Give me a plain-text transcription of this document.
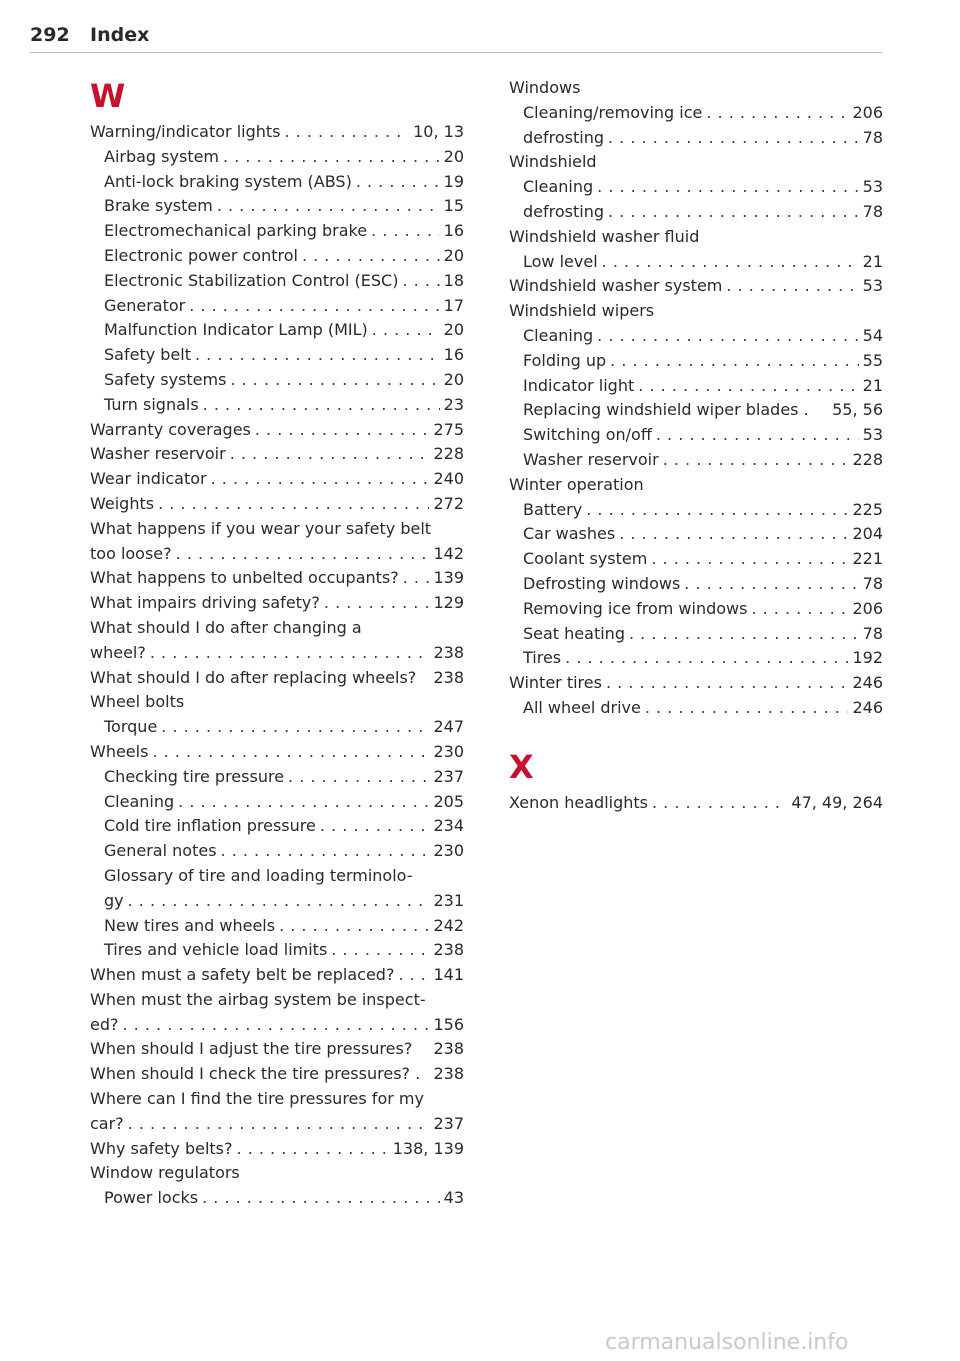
292 Index
W
Warning/indicator lights . . .	10, 13
Airbag system . . .	20
Anti-lock braking system (ABS) . . .	19
Brake system . . .	15
Electromechanical parking brake . . .	16
Electronic power control . . .	20
Electronic Stabilization Control (ESC) . . .	18
Generator . . .	17
Malfunction Indicator Lamp (MIL) . . .	20
Safety belt . . .	16
Safety systems . . .	20
Turn signals . . .	23
Warranty coverages . . .	275
Washer reservoir . . .	228
Wear indicator . . .	240
Weights . . .	272
What happens if you wear your safety belt
too loose? . . .	142
What happens to unbelted occupants? . . . 139
What impairs driving safety? . . .	129
What should I do after changing a
wheel? . . .	238
What should I do after replacing wheels? 238
Wheel bolts
Torque . . .	247
Wheels . . .	230
Checking tire pressure . . .	237
Cleaning . . .	205
Cold tire inflation pressure . . .	234
General notes . . .	230
Glossary of tire and loading terminolo-
gy . . .	231
New tires and wheels . . .	242
Tires and vehicle load limits . . .	238
When must a safety belt be replaced? . . . 141
When must the airbag system be inspect-
ed? . . .	156
When should I adjust the tire pressures? 238
When should I check the tire pressures? . 238
Where can I find the tire pressures for my
car? . . .	237
Why safety belts? . . .	138, 139
Window regulators
Power locks . . .	43
Windows
Cleaning/removing ice . . .	206
defrosting . . .	78
Windshield
Cleaning . . .	53
defrosting . . .	78
Windshield washer fluid
Low level . . .	21
Windshield washer system . . .	53
Windshield wipers
Cleaning . . .	54
Folding up . . .	55
Indicator light . . .	21
Replacing windshield wiper blades . 55, 56
Switching on/off . . .	53
Washer reservoir . . .	228
Winter operation
Battery . . .	225
Car washes . . .	204
Coolant system . . .	221
Defrosting windows . . .	78
Removing ice from windows . . .	206
Seat heating . . .	78
Tires . . .	192
Winter tires . . .	246
All wheel drive . . .	246
X
Xenon headlights . . .	47, 49, 264
carmanualsonline.info
